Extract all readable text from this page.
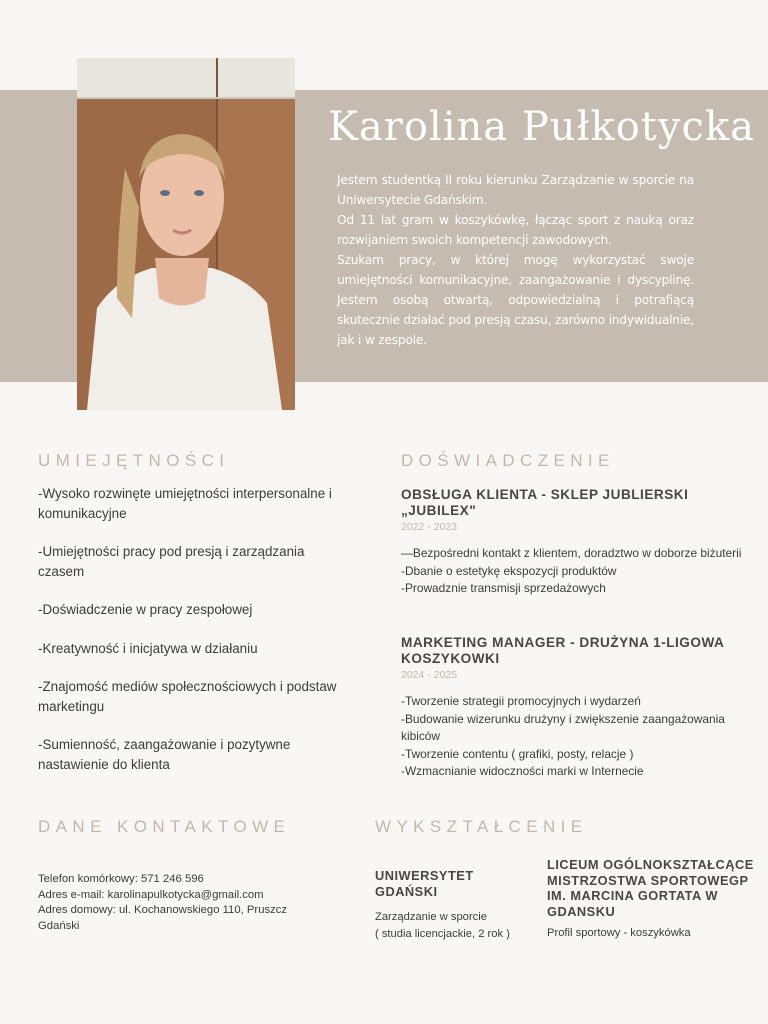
Karolina Pułkotycka

Jestem studentką II roku kierunku Zarządzanie w sporcie na Uniwersytecie Gdańskim.

Od 11 lat gram w koszykówkę, łącząc sport z nauką oraz rozwijaniem swoich kompetencji zawodowych.

Szukam pracy, w której mogę wykorzystać swoje umiejętności komunikacyjne, zaangażowanie i dyscyplinę. Jestem osobą otwartą, odpowiedzialną i potrafiącą skutecznie działać pod presją czasu, zarówno indywidualnie, jak i w zespole.

UMIEJĘTNOŚCI
-Wysoko rozwinęte umiejętności interpersonalne i komunikacyjne
-Umiejętności pracy pod presją i zarządzania czasem
-Doświadczenie w pracy zespołowej
-Kreatywność i inicjatywa w działaniu
-Znajomość mediów społecznościowych i podstaw marketingu
-Sumienność, zaangażowanie i pozytywne nastawienie do klienta
DOŚWIADCZENIE
OBSŁUGA KLIENTA - SKLEP JUBLIERSKI „JUBILEX"
2022 - 2023
—Bezpośredni kontakt z klientem, doradztwo w doborze biżuterii
-Dbanie o estetykę ekspozycji produktów
-Prowadznie transmisji sprzedażowych
MARKETING MANAGER - DRUŻYNA 1-LIGOWA KOSZYKOWKI
2024 - 2025
-Tworzenie strategii promocyjnych i wydarzeń
-Budowanie wizerunku drużyny i zwiększenie zaangażowania kibiców
-Tworzenie contentu ( grafiki, posty, relacje )
-Wzmacnianie widoczności marki w Internecie
DANE KONTAKTOWE
Telefon komórkowy: 571 246 596
Adres e-mail: karolinapulkotycka@gmail.com
Adres domowy: ul. Kochanowskiego 110, Pruszcz Gdański
WYKSZTAŁCENIE
UNIWERSYTET GDAŃSKI
Zarządzanie w sporcie
( studia licencjackie, 2 rok )
LICEUM OGÓLNOKSZTAŁCĄCE MISTRZOSTWA SPORTOWEGP IM. MARCINA GORTATA W GDANSKU
Profil sportowy - koszykówka
